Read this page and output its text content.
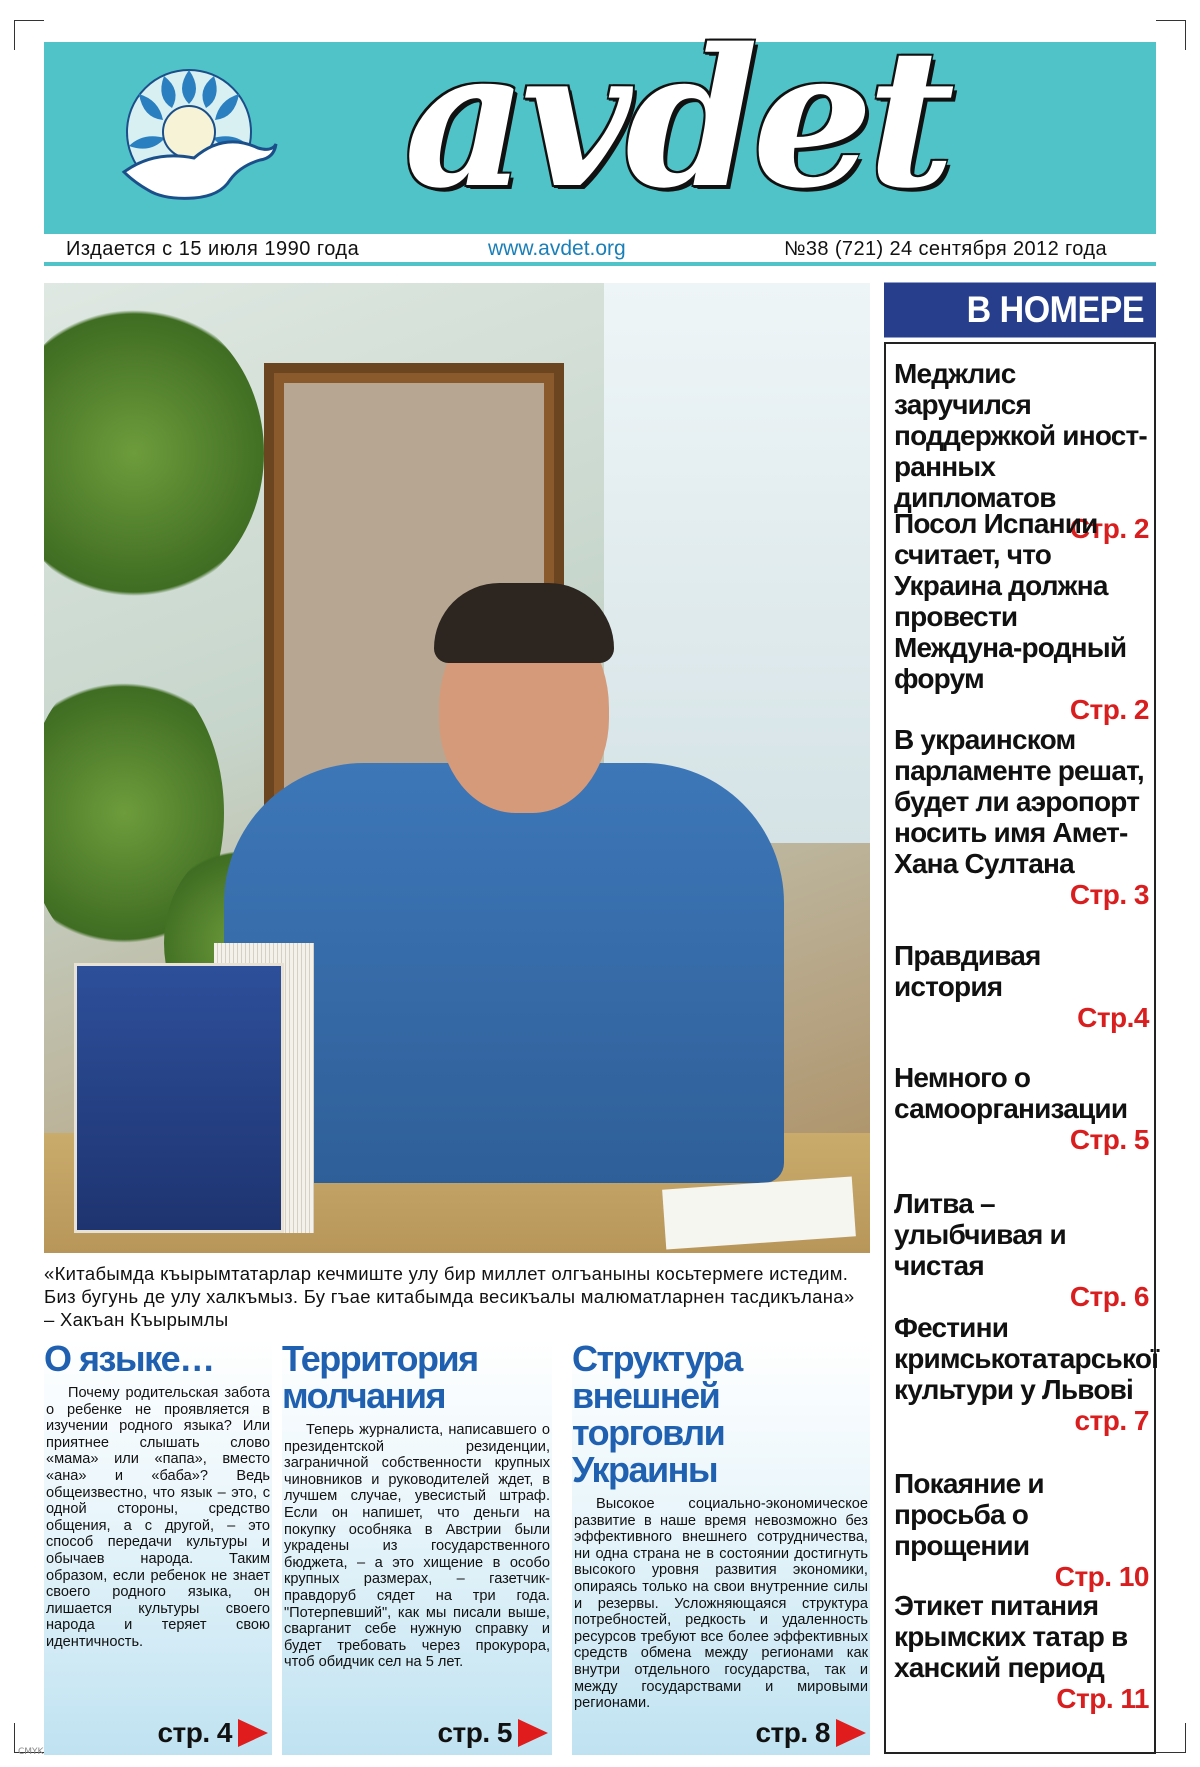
CMYK
avdet
Издается с 15 июля 1990 года	www.avdet.org	№38 (721) 24 сентября 2012 года
«Китабымда къырымтатарлар кечмиште улу бир миллет олгъаныны косьтермеге истедим. Биз бугунь де улу халкъмыз. Бу гъае китабымда весикъалы малюматларнен тасдикълана» – Хакъан Къырымлы
В НОМЕРЕ
Меджлис заручился поддержкой иност-ранных дипломатов
Стр. 2
Посол Испании считает, что Украина должна провести Междуна-родный форум
Стр. 2
В украинском парламенте решат, будет ли аэропорт носить имя Амет-Хана Султана
Стр. 3
Правдивая история
Стр.4
Немного о самоорганизации
Стр. 5
Литва – улыбчивая и чистая
Стр. 6
Фестини кримськотатарської культури у Львові
стр. 7
Покаяние и просьба о прощении
Стр. 10
Этикет питания крымских татар в ханский период
Стр. 11
О языке…

Почему родительская забота о ребенке не проявляется в изучении родного языка? Или приятнее слышать слово «мама» или «папа», вместо «ана» и «баба»? Ведь общеизвестно, что язык – это, с одной стороны, средство общения, а с другой, – это способ передачи культуры и обычаев народа. Таким образом, если ребенок не знает своего родного языка, он лишается культуры своего народа и теряет свою идентичность.

стр. 4
Территория молчания

Теперь журналиста, написавшего о президентской резиденции, заграничной собственности крупных чиновников и руководителей ждет, в лучшем случае, увесистый штраф. Если он напишет, что деньги на покупку особняка в Австрии были украдены из государственного бюджета, – а это хищение в особо крупных размерах, – газетчик-правдоруб сядет на три года. "Потерпевший", как мы писали выше, сварганит себе нужную справку и будет требовать через прокурора, чтоб обидчик сел на 5 лет.

стр. 5
Структура внешней торговли Украины

Высокое социально-экономическое развитие в наше время невозможно без эффективного внешнего сотрудничества, ни одна страна не в состоянии достигнуть высокого уровня развития экономики, опираясь только на свои внутренние силы и резервы. Усложняющаяся структура потребностей, редкость и удаленность ресурсов требуют все более эффективных средств обмена между регионами как внутри отдельного государства, так и между государствами и мировыми регионами.

стр. 8
